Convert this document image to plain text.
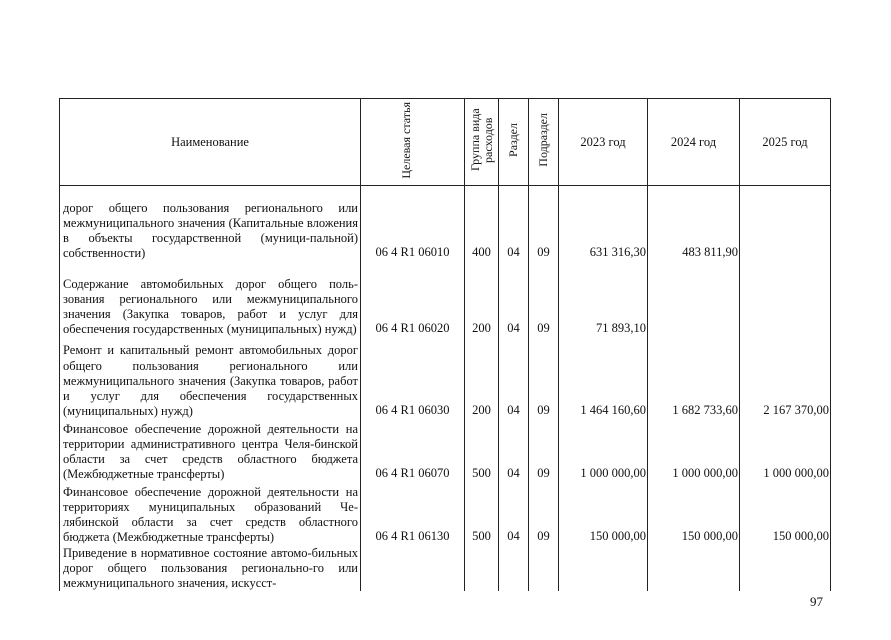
Наименование	Целевая статья	Группа вида расходов	Раздел	Подраздел	2023 год	2024 год	2025 год
дорог общего пользования регионального или межмуниципального значения (Капитальные вложения в объекты государственной (муници-пальной) собственности)	06 4 R1 06010	400	04	09	631 316,30	483 811,90	
Содержание автомобильных дорог общего поль-зования регионального или межмуниципального значения (Закупка товаров, работ и услуг для обеспечения государственных (муниципальных) нужд)	06 4 R1 06020	200	04	09	71 893,10		
Ремонт и капитальный ремонт автомобильных дорог общего пользования регионального или межмуниципального значения (Закупка товаров, работ и услуг для обеспечения государственных (муниципальных) нужд)	06 4 R1 06030	200	04	09	1 464 160,60	1 682 733,60	2 167 370,00
Финансовое обеспечение дорожной деятельности на территории административного центра Челя-бинской области за счет средств областного бюджета (Межбюджетные трансферты)	06 4 R1 06070	500	04	09	1 000 000,00	1 000 000,00	1 000 000,00
Финансовое обеспечение дорожной деятельности на территориях муниципальных образований Че-лябинской области за счет средств областного бюджета (Межбюджетные трансферты)	06 4 R1 06130	500	04	09	150 000,00	150 000,00	150 000,00
Приведение в нормативное состояние автомо-бильных дорог общего пользования регионально-го или межмуниципального значения, искусст-							
97
